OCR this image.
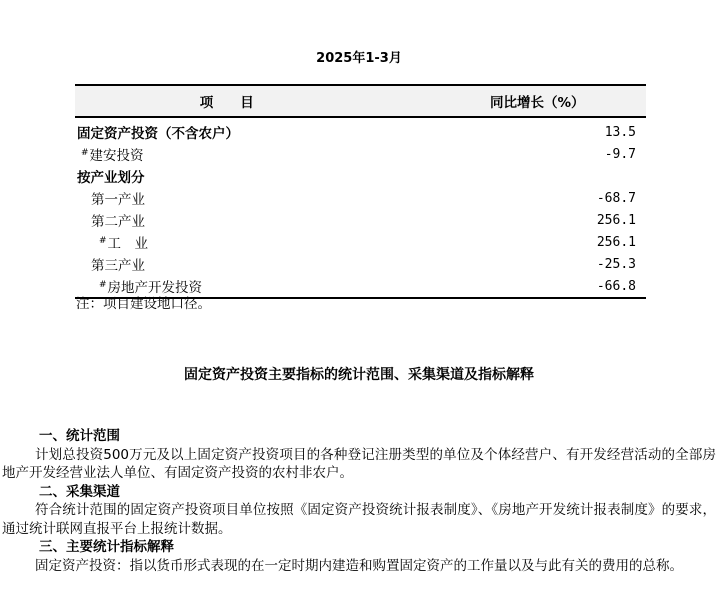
2025年1-3月
项　　目	同比增长（%）
固定资产投资（不含农户）	13.5
#建安投资	-9.7
按产业划分	
第一产业	-68.7
第二产业	256.1
#工　业	256.1
第三产业	-25.3
#房地产开发投资	-66.8
注：项目建设地口径。
固定资产投资主要指标的统计范围、采集渠道及指标解释
一、统计范围
计划总投资500万元及以上固定资产投资项目的各种登记注册类型的单位及个体经营户、有开发经营活动的全部房地产开发经营业法人单位、有固定资产投资的农村非农户。
二、采集渠道
符合统计范围的固定资产投资项目单位按照《固定资产投资统计报表制度》、《房地产开发统计报表制度》的要求，通过统计联网直报平台上报统计数据。
三、主要统计指标解释
固定资产投资：指以货币形式表现的在一定时期内建造和购置固定资产的工作量以及与此有关的费用的总称。
